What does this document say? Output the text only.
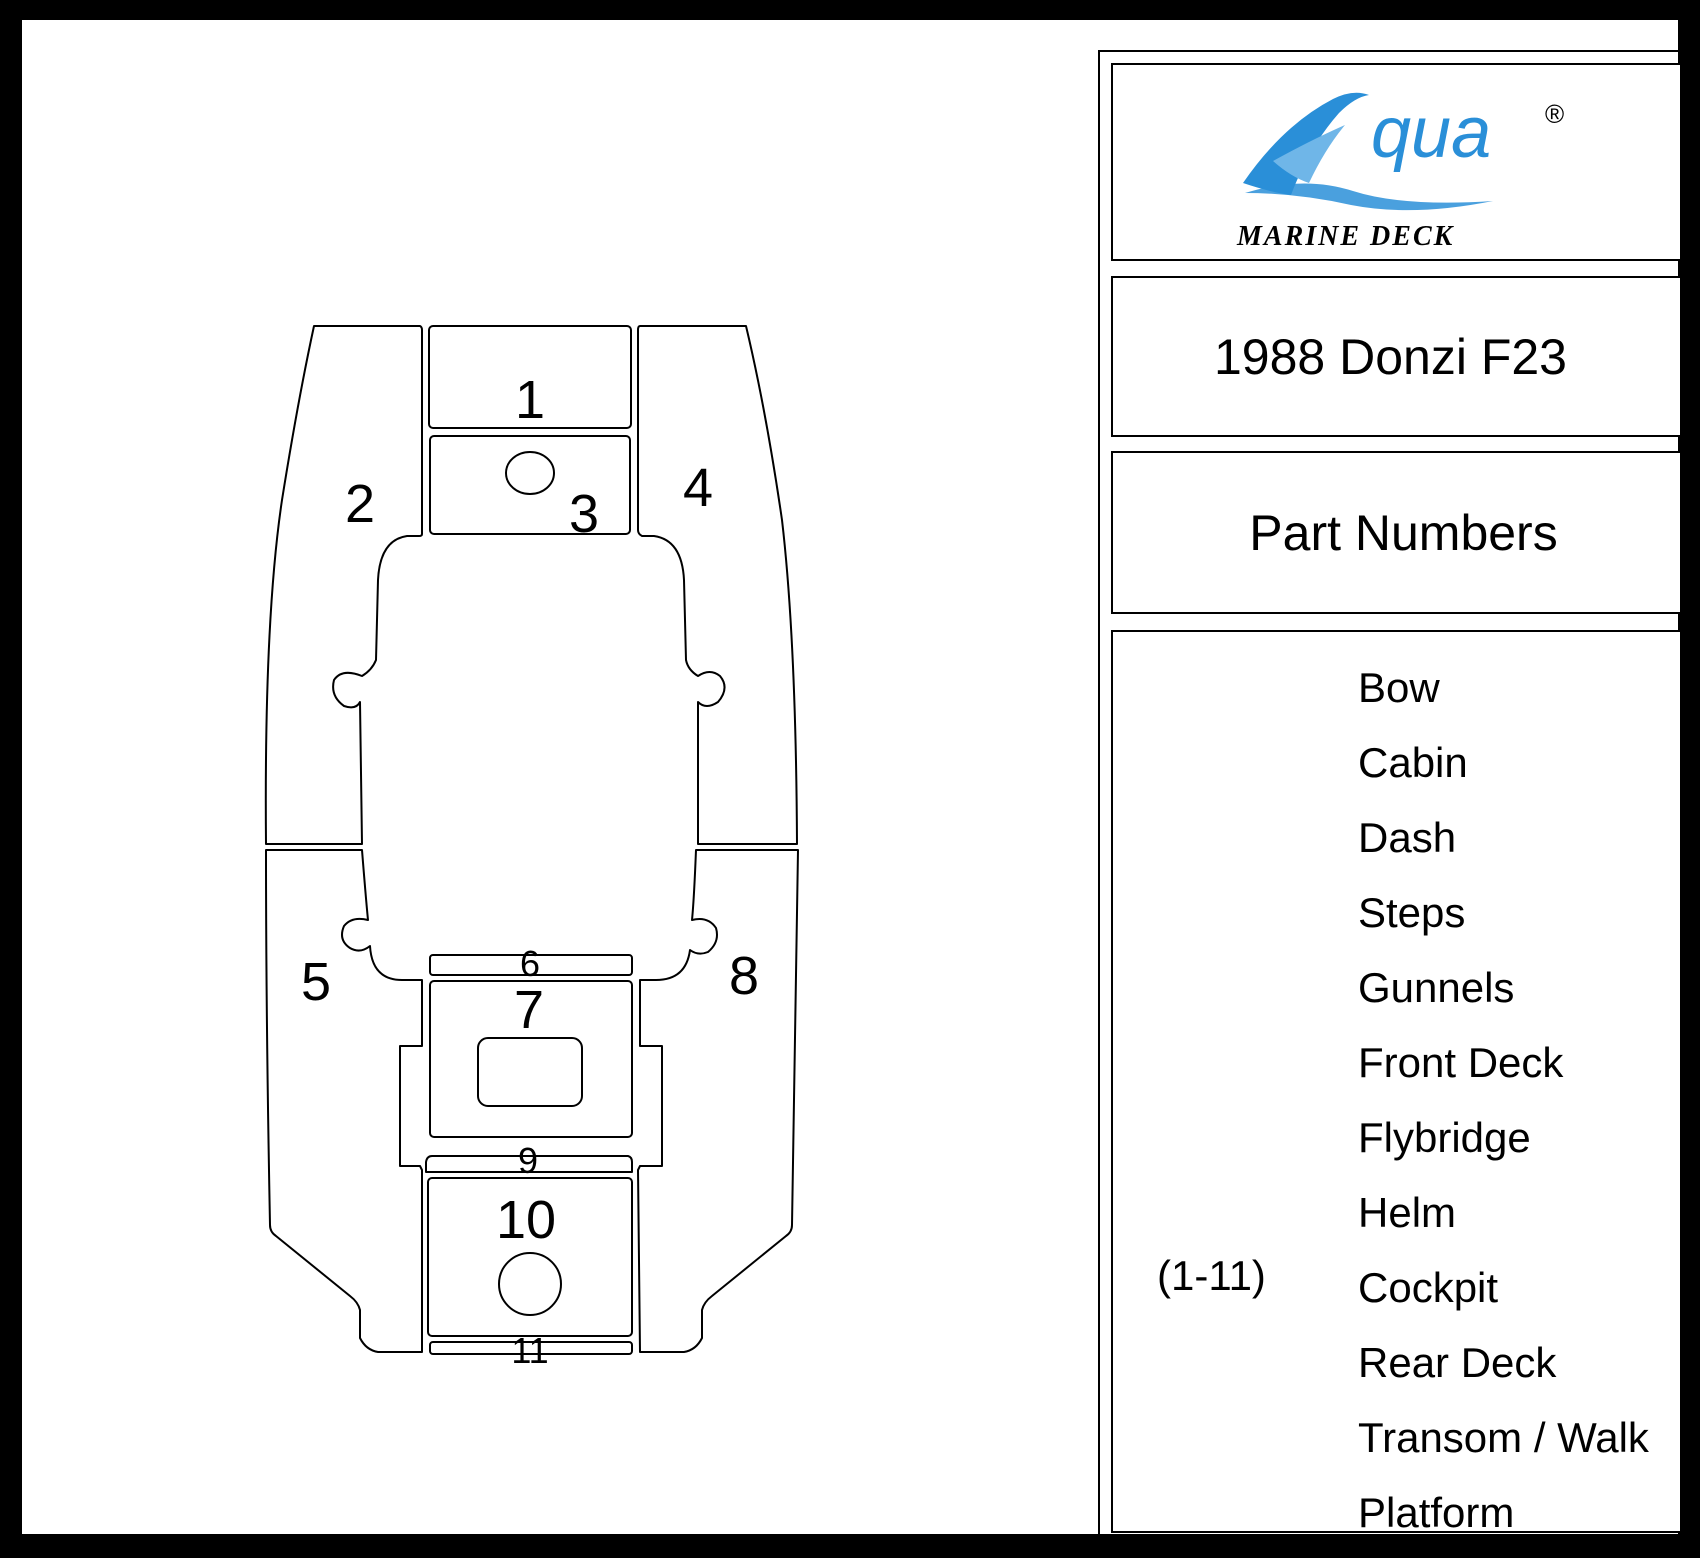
1
2	3 4
5	6
7
8
9
10
11
qua ®
MARINE DECK
1988 Donzi F23
Part Numbers
(1-11)
Bow
Cabin
Dash
Steps
Gunnels
Front Deck
Flybridge
Helm
Cockpit
Rear Deck
Transom / Walk
Platform
